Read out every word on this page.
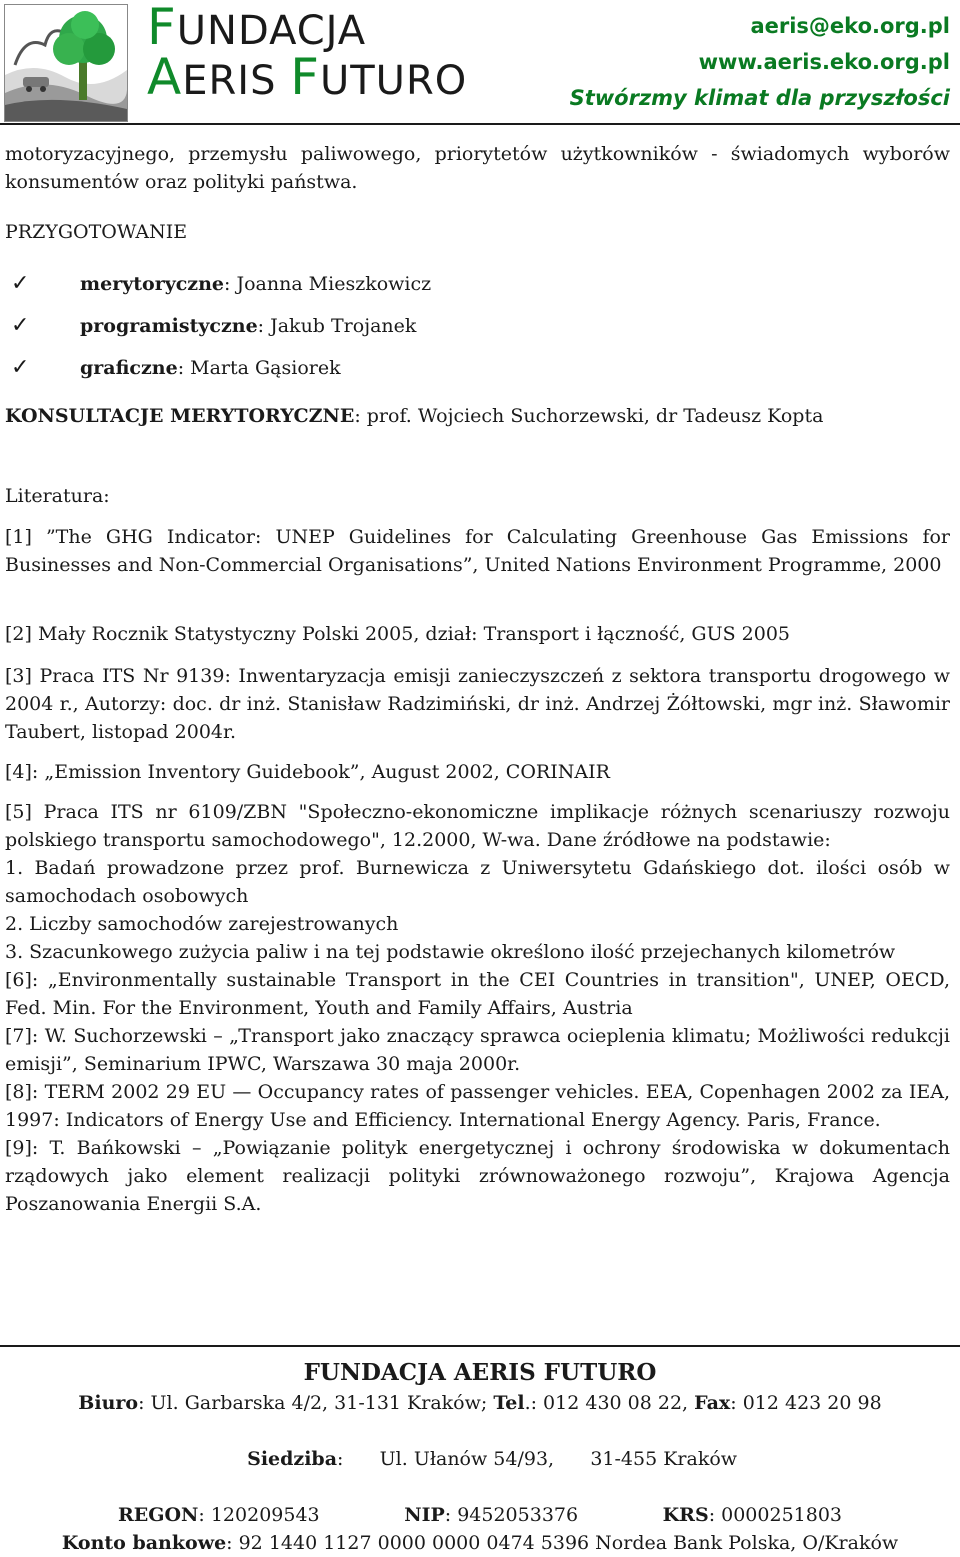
FUNDACJA
AERIS FUTURO
aeris@eko.org.pl
www.aeris.eko.org.pl
Stwórzmy klimat dla przyszłości

motoryzacyjnego, przemysłu paliwowego, priorytetów użytkowników - świadomych wyborów konsumentów oraz polityki państwa.

PRZYGOTOWANIE
✓	merytoryczne: Joanna Mieszkowicz
✓	programistyczne: Jakub Trojanek
✓	graficzne: Marta Gąsiorek
KONSULTACJE MERYTORYCZNE: prof. Wojciech Suchorzewski, dr Tadeusz Kopta
Literatura:

[1] ”The GHG Indicator: UNEP Guidelines for Calculating Greenhouse Gas Emissions for Businesses and Non-Commercial Organisations”, United Nations Environment Programme, 2000

[2] Mały Rocznik Statystyczny Polski 2005, dział: Transport i łączność, GUS 2005

[3] Praca ITS Nr 9139: Inwentaryzacja emisji zanieczyszczeń z sektora transportu drogowego w 2004 r., Autorzy: doc. dr inż. Stanisław Radzimiński, dr inż. Andrzej Żółtowski, mgr inż. Sławomir Taubert, listopad 2004r.

[4]: „Emission Inventory Guidebook”, August 2002, CORINAIR

[5] Praca ITS nr 6109/ZBN "Społeczno-ekonomiczne implikacje różnych scenariuszy rozwoju polskiego transportu samochodowego", 12.2000, W-wa. Dane źródłowe na podstawie:

1. Badań prowadzone przez prof. Burnewicza z Uniwersytetu Gdańskiego dot. ilości osób w samochodach osobowych

2. Liczby samochodów zarejestrowanych

3. Szacunkowego zużycia paliw i na tej podstawie określono ilość przejechanych kilometrów

[6]: „Environmentally sustainable Transport in the CEI Countries in transition", UNEP, OECD, Fed. Min. For the Environment, Youth and Family Affairs, Austria

[7]: W. Suchorzewski – „Transport jako znaczący sprawca ocieplenia klimatu; Możliwości redukcji emisji”, Seminarium IPWC, Warszawa 30 maja 2000r.

[8]: TERM 2002 29 EU — Occupancy rates of passenger vehicles. EEA, Copenhagen 2002 za IEA, 1997: Indicators of Energy Use and Efficiency. International Energy Agency. Paris, France.

[9]: T. Bańkowski – „Powiązanie polityk energetycznej i ochrony środowiska w dokumentach rządowych jako element realizacji polityki zrównoważonego rozwoju”, Krajowa Agencja Poszanowania Energii S.A.

FUNDACJA AERIS FUTURO
Biuro: Ul. Garbarska 4/2, 31-131 Kraków; Tel.: 012 430 08 22, Fax: 012 423 20 98

Siedziba:      Ul. Ułanów 54/93,      31-455 Kraków

REGON: 120209543	NIP: 9452053376	KRS: 0000251803
Konto bankowe: 92 1440 1127 0000 0000 0474 5396 Nordea Bank Polska, O/Kraków
